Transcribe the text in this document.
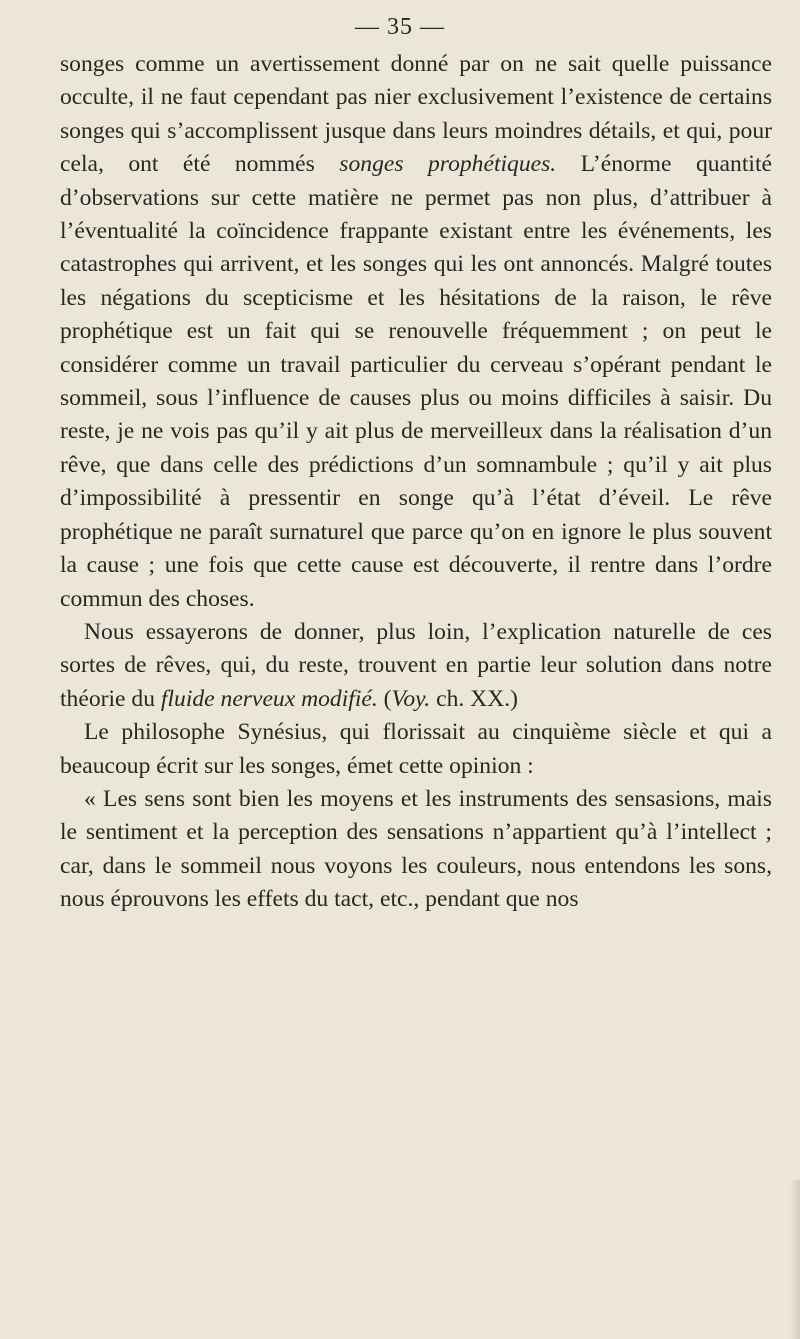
— 35 —

songes comme un avertissement donné par on ne sait quelle puissance occulte, il ne faut cependant pas nier exclusivement l’existence de certains songes qui s’accomplissent jusque dans leurs moindres détails, et qui, pour cela, ont été nommés songes prophétiques. L’énorme quantité d’observations sur cette matière ne permet pas non plus, d’attribuer à l’éventualité la coïncidence frappante existant entre les événements, les catastrophes qui arrivent, et les songes qui les ont annoncés. Malgré toutes les négations du scepticisme et les hésitations de la raison, le rêve prophétique est un fait qui se renouvelle fréquemment ; on peut le considérer comme un travail particulier du cerveau s’opérant pendant le sommeil, sous l’influence de causes plus ou moins difficiles à saisir. Du reste, je ne vois pas qu’il y ait plus de merveilleux dans la réalisation d’un rêve, que dans celle des prédictions d’un somnambule ; qu’il y ait plus d’impossibilité à pressentir en songe qu’à l’état d’éveil. Le rêve prophétique ne paraît surnaturel que parce qu’on en ignore le plus souvent la cause ; une fois que cette cause est découverte, il rentre dans l’ordre commun des choses.

Nous essayerons de donner, plus loin, l’explication naturelle de ces sortes de rêves, qui, du reste, trouvent en partie leur solution dans notre théorie du fluide nerveux modifié. (Voy. ch. XX.)

Le philosophe Synésius, qui florissait au cinquième siècle et qui a beaucoup écrit sur les songes, émet cette opinion :

« Les sens sont bien les moyens et les instruments des sensasions, mais le sentiment et la perception des sensations n’appartient qu’à l’intellect ; car, dans le sommeil nous voyons les couleurs, nous entendons les sons, nous éprouvons les effets du tact, etc., pendant que nos
